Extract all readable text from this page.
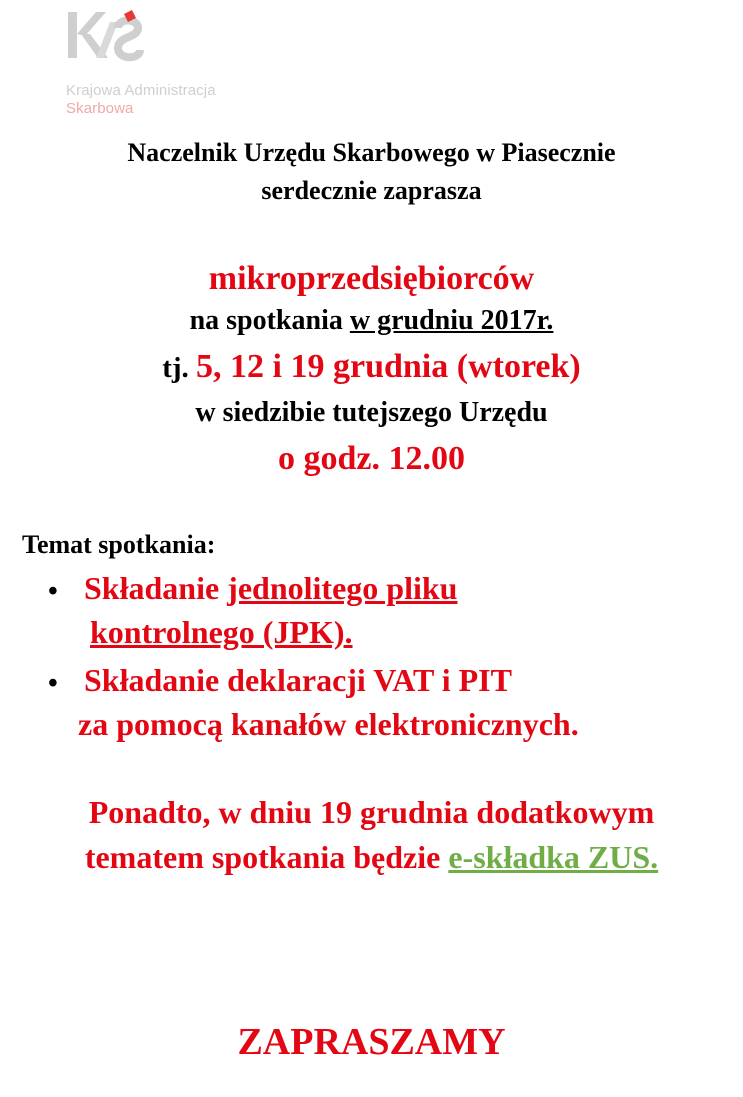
Krajowa Administracja
Skarbowa
Naczelnik Urzędu Skarbowego w Piasecznie
serdecznie zaprasza
mikroprzedsiębiorców
na spotkania w grudniu 2017r.
tj. 5, 12 i 19 grudnia (wtorek)
w siedzibie tutejszego Urzędu
o godz. 12.00
Temat spotkania:
• Składanie jednolitego pliku
kontrolnego (JPK).
• Składanie deklaracji VAT i PIT
za pomocą kanałów elektronicznych.
Ponadto, w dniu 19 grudnia dodatkowym
tematem spotkania będzie e-składka ZUS.
ZAPRASZAMY
